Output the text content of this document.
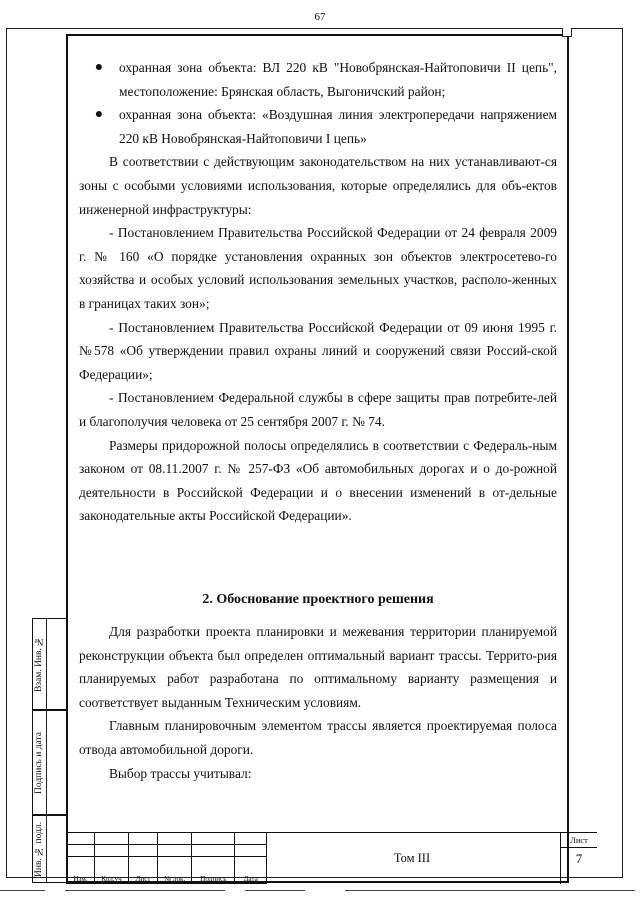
67
Взам. Инв. №
Подпись и дата
Инв. № подл.
●	охранная зона объекта: ВЛ 220 кВ "Новобрянская-Найтоповичи II цепь", местоположение: Брянская область, Выгоничский район;
●	охранная зона объекта: «Воздушная линия электропередачи напряжением 220 кВ Новобрянская-Найтоповичи I цепь»

В соответствии с действующим законодательством на них устанавливают-ся зоны с особыми условиями использования, которые определялись для объ-ектов инженерной инфраструктуры:

- Постановлением Правительства Российской Федерации от 24 февраля 2009 г. № 160 «О порядке установления охранных зон объектов электросетево-го хозяйства и особых условий использования земельных участков, располо-женных в границах таких зон»;

- Постановлением Правительства Российской Федерации от 09 июня 1995 г. №578 «Об утверждении правил охраны линий и сооружений связи Россий-ской Федерации»;

- Постановлением Федеральной службы в сфере защиты прав потребите-лей и благополучия человека от 25 сентября 2007 г. № 74.

Размеры придорожной полосы определялись в соответствии с Федераль-ным законом от 08.11.2007 г. № 257-ФЗ «Об автомобильных дорогах и о до-рожной деятельности в Российской Федерации и о внесении изменений в от-дельные законодательные акты Российской Федерации».

2. Обоснование проектного решения

Для разработки проекта планировки и межевания территории планируемой реконструкции объекта был определен оптимальный вариант трассы. Террито-рия планируемых работ разработана по оптимальному варианту размещения и соответствует выданным Техническим условиям.

Главным планировочным элементом трассы является проектируемая полоса отвода автомобильной дороги.

Выбор трассы учитывал:

Изм.	Кол.уч	Лист	№ док.	Подпись	Дата
Том III
Лист
7
